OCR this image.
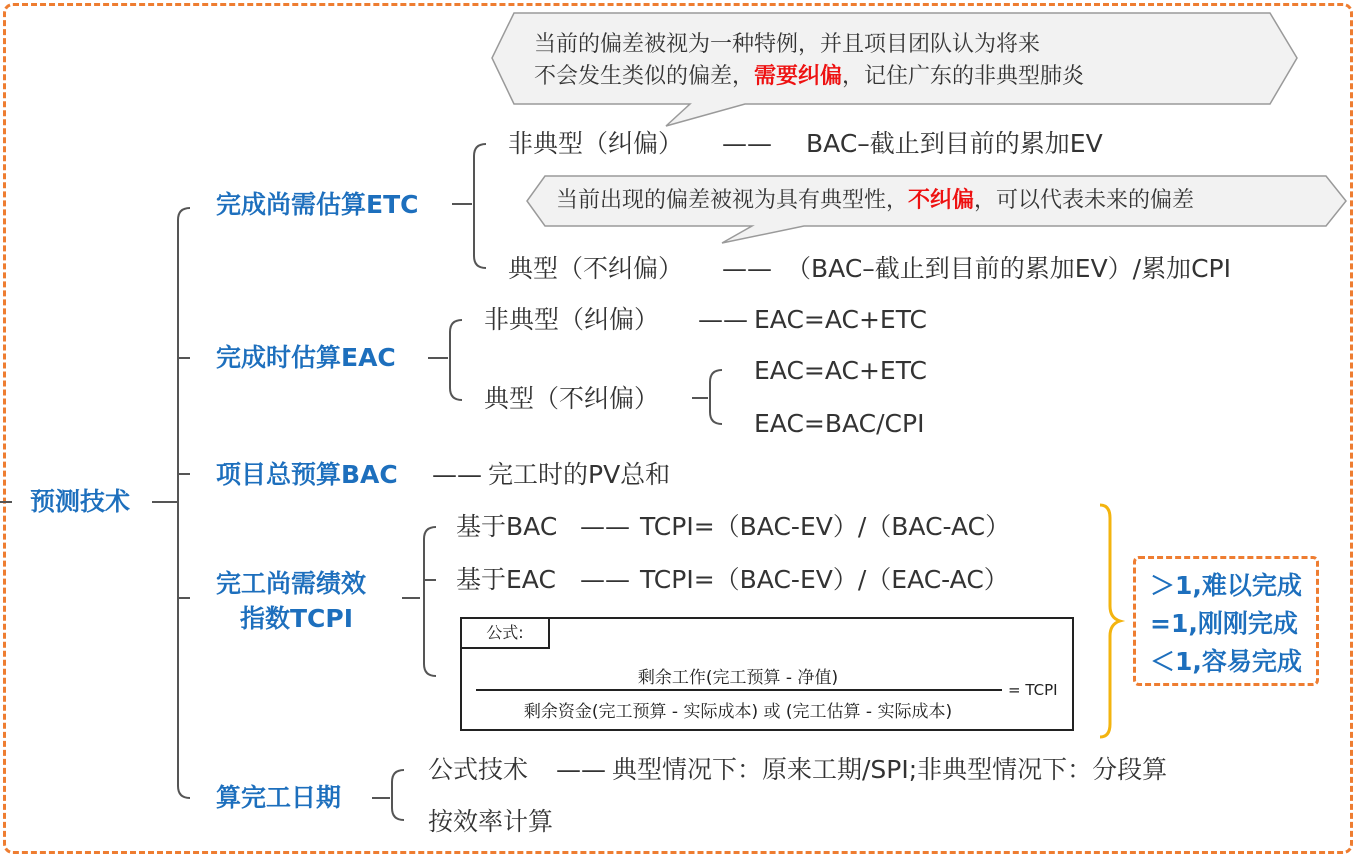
预测技术
当前的偏差被视为一种特例，并且项目团队认为将来
不会发生类似的偏差，需要纠偏，记住广东的非典型肺炎
完成尚需估算ETC
非典型（纠偏） —— BAC–截止到目前的累加EV
当前出现的偏差被视为具有典型性，不纠偏，可以代表未来的偏差
典型（不纠偏） —— （BAC–截止到目前的累加EV）/累加CPI
完成时估算EAC
非典型（纠偏） —— EAC=AC+ETC
典型（不纠偏）
EAC=AC+ETC
EAC=BAC/CPI
项目总预算BAC —— 完工时的PV总和
完工尚需绩效
指数TCPI
基于BAC —— TCPI=（BAC-EV）/（BAC-AC）
基于EAC —— TCPI=（BAC-EV）/（EAC-AC）
公式:
剩余工作(完工预算 - 净值)
剩余资金(完工预算 - 实际成本) 或 (完工估算 - 实际成本)
= TCPI
＞1,难以完成
=1,刚刚完成
＜1,容易完成
算完工日期
公式技术 —— 典型情况下：原来工期/SPI;非典型情况下：分段算
按效率计算
